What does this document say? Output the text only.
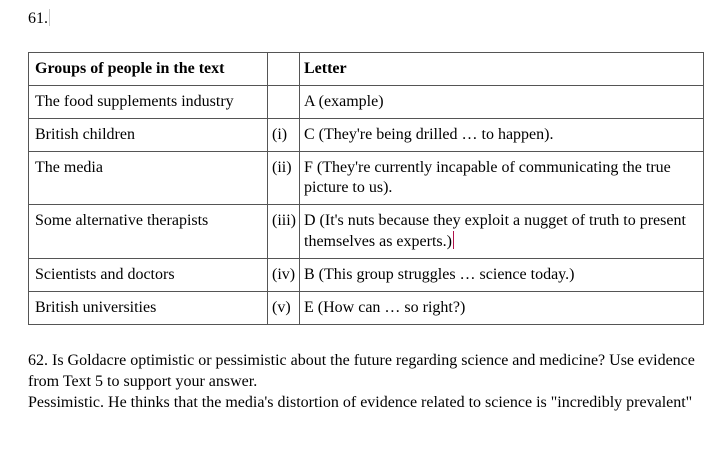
61.
Groups of people in the text		Letter
The food supplements industry		A (example)
British children	(i)	C (They're being drilled … to happen).
The media	(ii)	F (They're currently incapable of communicating the true picture to us).
Some alternative therapists	(iii)	D (It's nuts because they exploit a nugget of truth to present themselves as experts.)
Scientists and doctors	(iv)	B (This group struggles … science today.)
British universities	(v)	E (How can … so right?)

62. Is Goldacre optimistic or pessimistic about the future regarding science and medicine? Use evidence from Text 5 to support your answer.

Pessimistic. He thinks that the media's distortion of evidence related to science is "incredibly prevalent"
